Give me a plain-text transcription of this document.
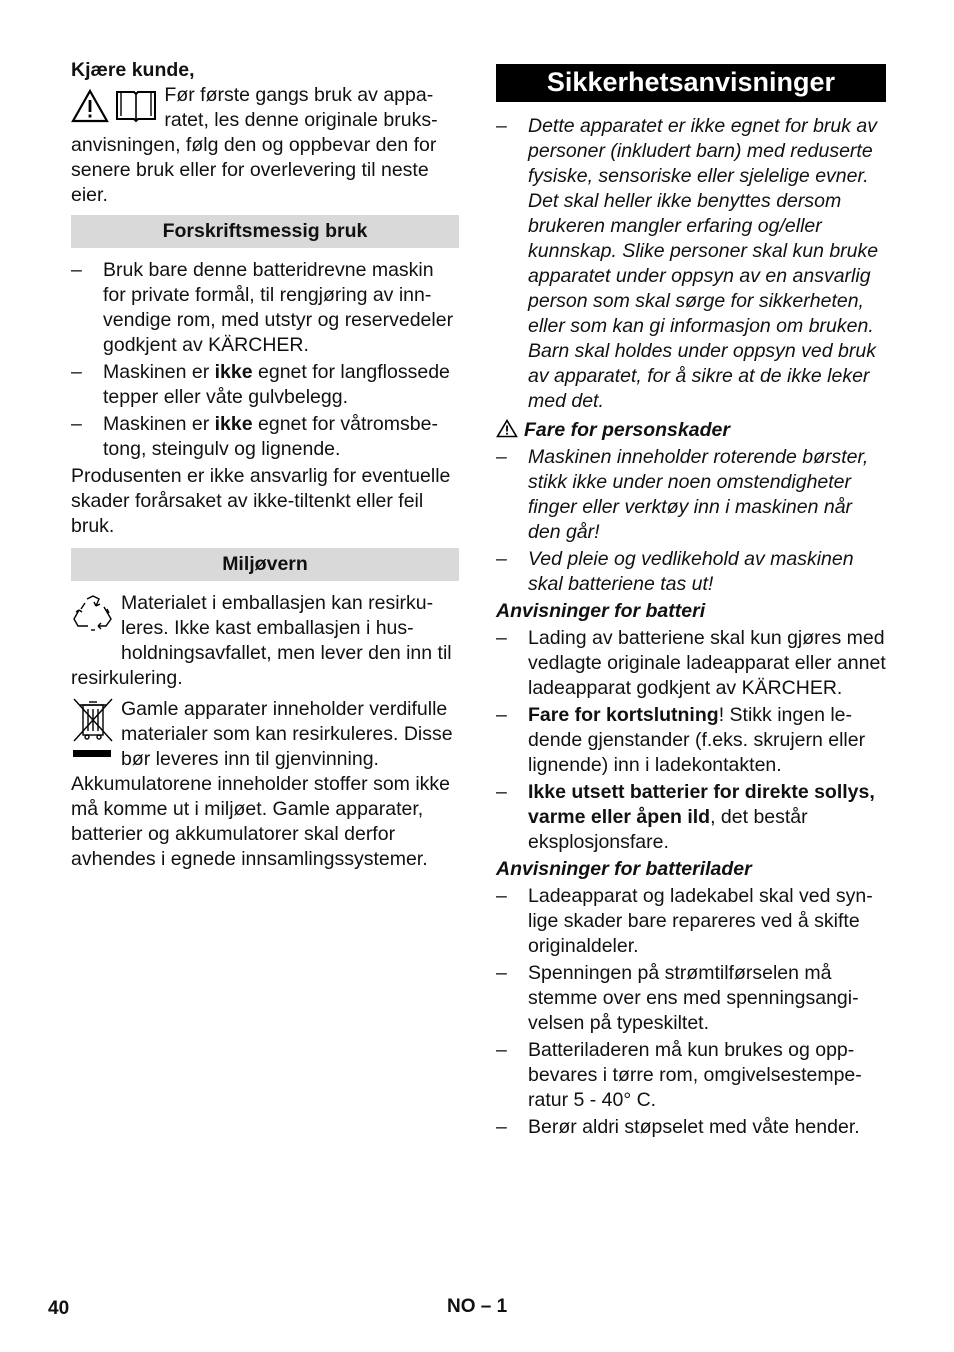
Kjære kunde,

Før første gangs bruk av apparatet, les denne originale bruksanvisningen, følg den og oppbevar den for senere bruk eller for overlevering til neste eier.

Forskriftsmessig bruk
– Bruk bare denne batteridrevne maskin for private formål, til rengjøring av innvendige rom, med utstyr og reservedeler godkjent av KÄRCHER.
– Maskinen er ikke egnet for langflossede tepper eller våte gulvbelegg.
– Maskinen er ikke egnet for våtromsbetong, steingulv og lignende.

Produsenten er ikke ansvarlig for eventuelle skader forårsaket av ikke-tiltenkt eller feil bruk.

Miljøvern

Materialet i emballasjen kan resirkuleres. Ikke kast emballasjen i husholdningsavfallet, men lever den inn til resirkulering.

Gamle apparater inneholder verdifulle materialer som kan resirkuleres. Disse bør leveres inn til gjenvinning. Akkumulatorene inneholder stoffer som ikke må komme ut i miljøet. Gamle apparater, batterier og akkumulatorer skal derfor avhendes i egnede innsamlingssystemer.

Sikkerhetsanvisninger
– Dette apparatet er ikke egnet for bruk av personer (inkludert barn) med reduserte fysiske, sensoriske eller sjelelige evner. Det skal heller ikke benyttes dersom brukeren mangler erfaring og/eller kunnskap. Slike personer skal kun bruke apparatet under oppsyn av en ansvarlig person som skal sørge for sikkerheten, eller som kan gi informasjon om bruken. Barn skal holdes under oppsyn ved bruk av apparatet, for å sikre at de ikke leker med det.

Fare for personskader

– Maskinen inneholder roterende børster, stikk ikke under noen omstendigheter finger eller verktøy inn i maskinen når den går!
– Ved pleie og vedlikehold av maskinen skal batteriene tas ut!

Anvisninger for batteri

– Lading av batteriene skal kun gjøres med vedlagte originale ladeapparat eller annet ladeapparat godkjent av KÄRCHER.
– Fare for kortslutning! Stikk ingen ledende gjenstander (f.eks. skrujern eller lignende) inn i ladekontakten.
– Ikke utsett batterier for direkte sollys, varme eller åpen ild, det består eksplosjonsfare.

Anvisninger for batterilader

– Ladeapparat og ladekabel skal ved synlige skader bare repareres ved å skifte originaldeler.
– Spenningen på strømtilførselen må stemme over ens med spenningsangivelsen på typeskiltet.
– Batteriladeren må kun brukes og oppbevares i tørre rom, omgivelsestemperatur 5 - 40° C.
– Berør aldri støpselet med våte hender.
40	NO – 1
